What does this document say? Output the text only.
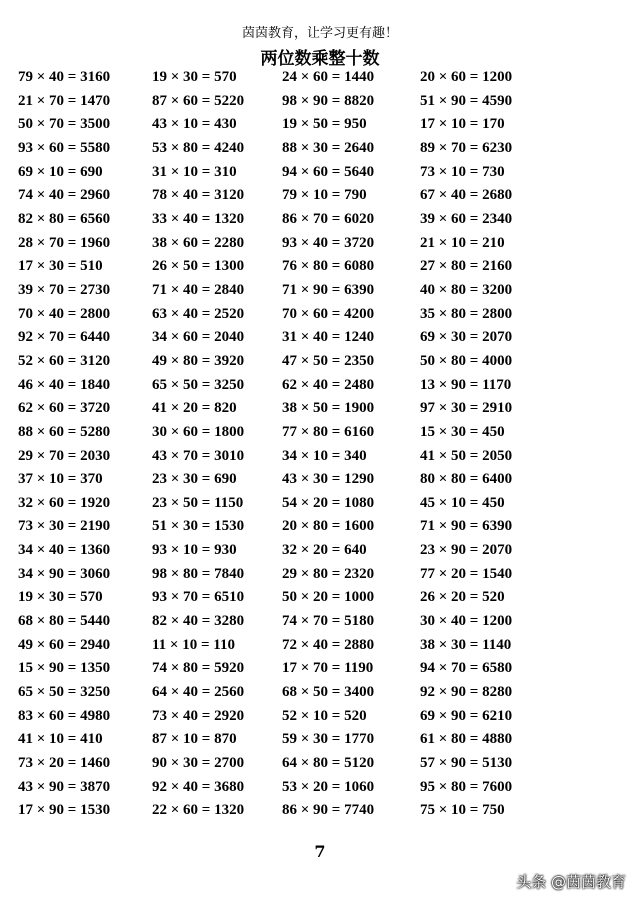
茵茵教育，让学习更有趣！
两位数乘整十数
79 × 40 = 3160	19 × 30 = 570	24 × 60 = 1440	20 × 60 = 1200
21 × 70 = 1470	87 × 60 = 5220	98 × 90 = 8820	51 × 90 = 4590
50 × 70 = 3500	43 × 10 = 430	19 × 50 = 950	17 × 10 = 170
93 × 60 = 5580	53 × 80 = 4240	88 × 30 = 2640	89 × 70 = 6230
69 × 10 = 690	31 × 10 = 310	94 × 60 = 5640	73 × 10 = 730
74 × 40 = 2960	78 × 40 = 3120	79 × 10 = 790	67 × 40 = 2680
82 × 80 = 6560	33 × 40 = 1320	86 × 70 = 6020	39 × 60 = 2340
28 × 70 = 1960	38 × 60 = 2280	93 × 40 = 3720	21 × 10 = 210
17 × 30 = 510	26 × 50 = 1300	76 × 80 = 6080	27 × 80 = 2160
39 × 70 = 2730	71 × 40 = 2840	71 × 90 = 6390	40 × 80 = 3200
70 × 40 = 2800	63 × 40 = 2520	70 × 60 = 4200	35 × 80 = 2800
92 × 70 = 6440	34 × 60 = 2040	31 × 40 = 1240	69 × 30 = 2070
52 × 60 = 3120	49 × 80 = 3920	47 × 50 = 2350	50 × 80 = 4000
46 × 40 = 1840	65 × 50 = 3250	62 × 40 = 2480	13 × 90 = 1170
62 × 60 = 3720	41 × 20 = 820	38 × 50 = 1900	97 × 30 = 2910
88 × 60 = 5280	30 × 60 = 1800	77 × 80 = 6160	15 × 30 = 450
29 × 70 = 2030	43 × 70 = 3010	34 × 10 = 340	41 × 50 = 2050
37 × 10 = 370	23 × 30 = 690	43 × 30 = 1290	80 × 80 = 6400
32 × 60 = 1920	23 × 50 = 1150	54 × 20 = 1080	45 × 10 = 450
73 × 30 = 2190	51 × 30 = 1530	20 × 80 = 1600	71 × 90 = 6390
34 × 40 = 1360	93 × 10 = 930	32 × 20 = 640	23 × 90 = 2070
34 × 90 = 3060	98 × 80 = 7840	29 × 80 = 2320	77 × 20 = 1540
19 × 30 = 570	93 × 70 = 6510	50 × 20 = 1000	26 × 20 = 520
68 × 80 = 5440	82 × 40 = 3280	74 × 70 = 5180	30 × 40 = 1200
49 × 60 = 2940	11 × 10 = 110	72 × 40 = 2880	38 × 30 = 1140
15 × 90 = 1350	74 × 80 = 5920	17 × 70 = 1190	94 × 70 = 6580
65 × 50 = 3250	64 × 40 = 2560	68 × 50 = 3400	92 × 90 = 8280
83 × 60 = 4980	73 × 40 = 2920	52 × 10 = 520	69 × 90 = 6210
41 × 10 = 410	87 × 10 = 870	59 × 30 = 1770	61 × 80 = 4880
73 × 20 = 1460	90 × 30 = 2700	64 × 80 = 5120	57 × 90 = 5130
43 × 90 = 3870	92 × 40 = 3680	53 × 20 = 1060	95 × 80 = 7600
17 × 90 = 1530	22 × 60 = 1320	86 × 90 = 7740	75 × 10 = 750
7
头条 @茵茵教育
